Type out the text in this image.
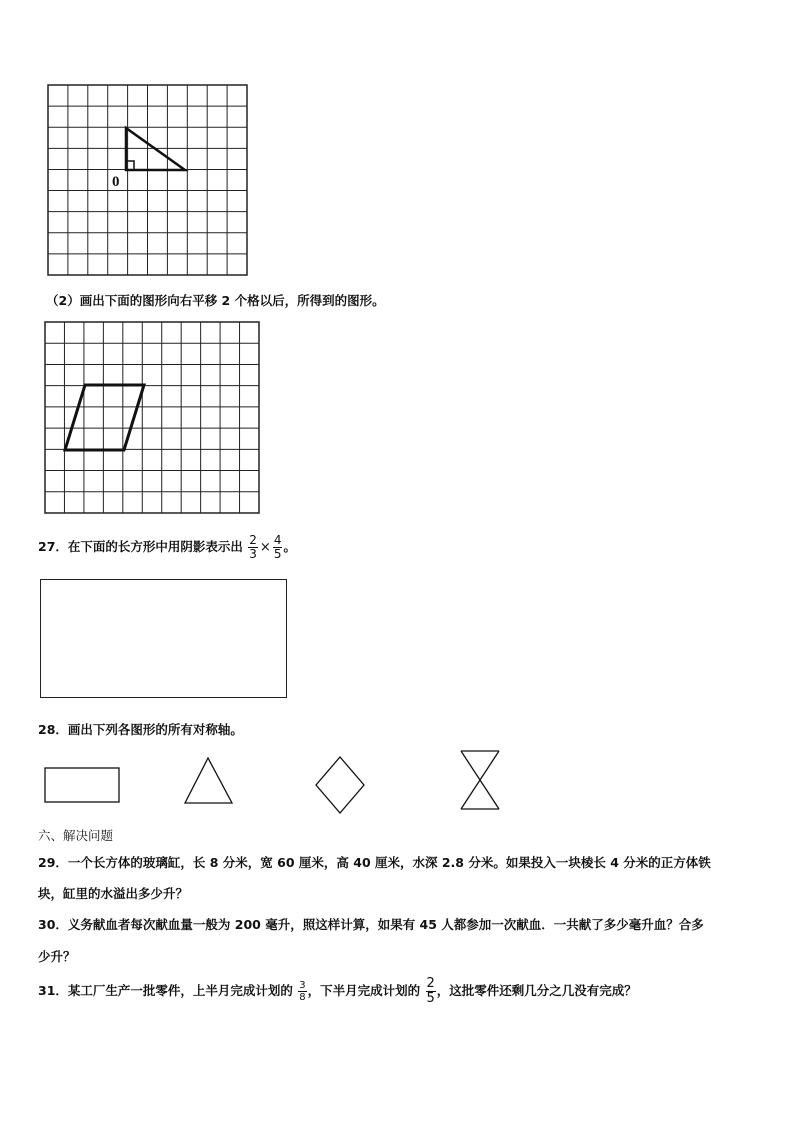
0
（2）画出下面的图形向右平移 2 个格以后，所得到的图形。
27．在下面的长方形中用阴影表示出 $\frac{2}{3} \times \frac{4}{5}$ 。
28．画出下列各图形的所有对称轴。
六、解决问题
29．一个长方体的玻璃缸，长 8 分米，宽 60 厘米，高 40 厘米，水深 2.8 分米。如果投入一块棱长 4 分米的正方体铁
块，缸里的水溢出多少升？
30．义务献血者每次献血量一般为 200 毫升，照这样计算，如果有 45 人都参加一次献血．一共献了多少毫升血？合多
少升？
31．某工厂生产一批零件，上半月完成计划的 $\frac{3}{8}$ ，下半月完成计划的 $\frac{2}{5}$ ，这批零件还剩几分之几没有完成？
